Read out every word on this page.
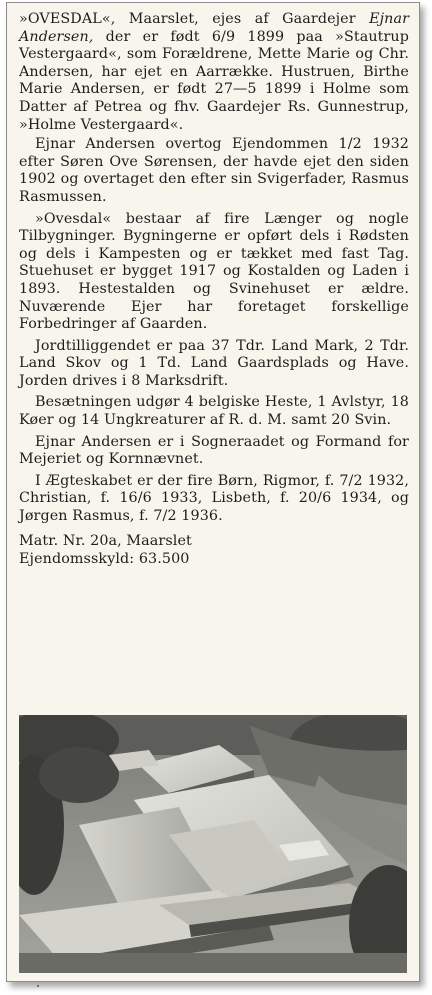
»OVESDAL«, Maarslet, ejes af Gaardejer Ejnar Andersen, der er født 6/9 1899 paa »Stautrup Vestergaard«, som Forældrene, Mette Marie og Chr. Andersen, har ejet en Aarrække. Hustruen, Birthe Marie Andersen, er født 27—5 1899 i Holme som Datter af Petrea og fhv. Gaardejer Rs. Gunnestrup, »Holme Vestergaard«.

Ejnar Andersen overtog Ejendommen 1/2 1932 efter Søren Ove Sørensen, der havde ejet den siden 1902 og overtaget den efter sin Svigerfader, Rasmus Rasmussen.

»Ovesdal« bestaar af fire Længer og nogle Tilbygninger. Bygningerne er opført dels i Rødsten og dels i Kampesten og er tækket med fast Tag. Stuehuset er bygget 1917 og Kostalden og Laden i 1893. Hestestalden og Svinehuset er ældre. Nuværende Ejer har foretaget forskellige Forbedringer af Gaarden.

Jordtilliggendet er paa 37 Tdr. Land Mark, 2 Tdr. Land Skov og 1 Td. Land Gaardsplads og Have. Jorden drives i 8 Marksdrift.

Besætningen udgør 4 belgiske Heste, 1 Avlstyr, 18 Køer og 14 Ungkreaturer af R. d. M. samt 20 Svin.

Ejnar Andersen er i Sogneraadet og Formand for Mejeriet og Kornnævnet.

I Ægteskabet er der fire Børn, Rigmor, f. 7/2 1932, Christian, f. 16/6 1933, Lisbeth, f. 20/6 1934, og Jørgen Rasmus, f. 7/2 1936.

Matr. Nr. 20a, Maarslet
Ejendomsskyld: 63.500
